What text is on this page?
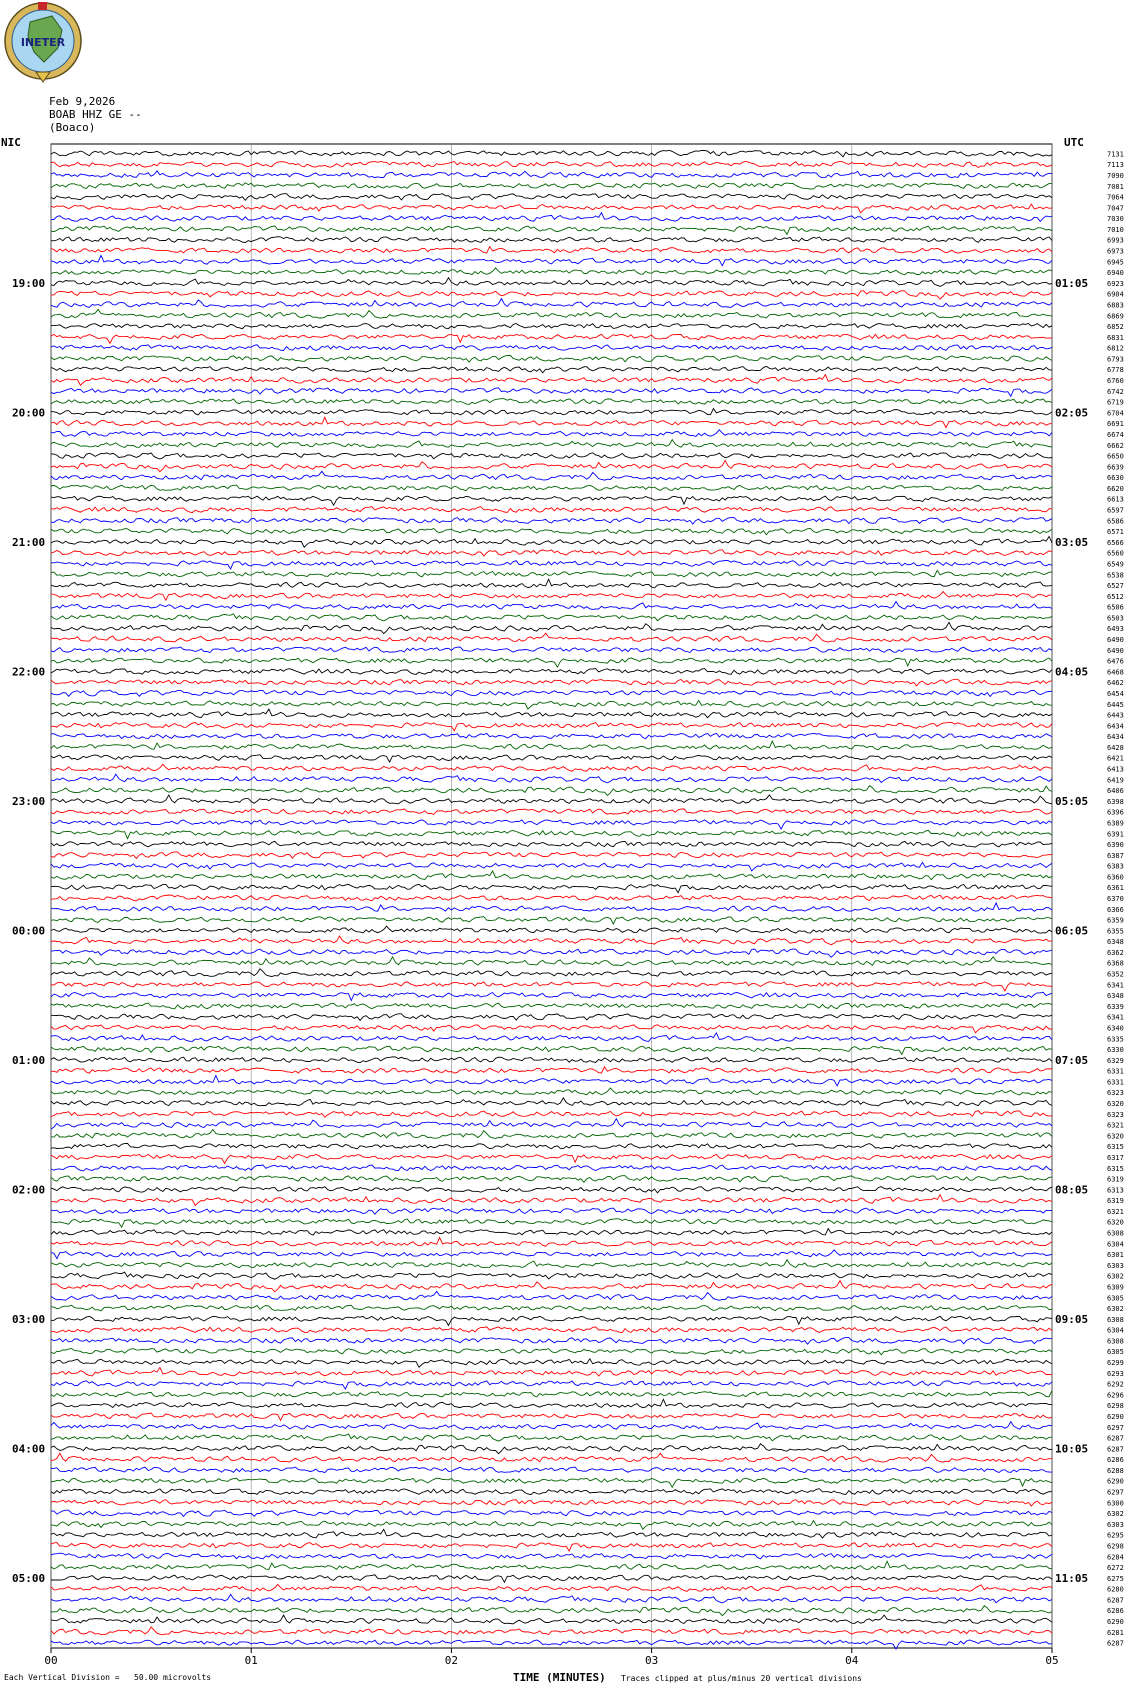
INETER
Feb 9,2026
BOAB HHZ GE --
(Boaco)
NIC	UTC
00	01	02	03	04	05
7131
7113
7090
7081
7064
7047
7030
7010
6993
6973
6945
6940
6923
6904
6883
6869
6852
6831
6812
6793
6778
6760
6742
6719
6704
6691
6674
6662
6650
6639
6630
6620
6613
6597
6586
6571
6566
6560
6549
6538
6527
6512
6506
6503
6493
6490
6490
6476
6468
6462
6454
6445
6443
6434
6434
6428
6421
6413
6419
6406
6398
6396
6389
6391
6390
6387
6383
6360
6361
6370
6366
6359
6355
6348
6362
6368
6352
6341
6348
6339
6341
6340
6335
6330
6329
6331
6331
6323
6320
6323
6321
6320
6315
6317
6315
6319
6313
6319
6321
6320
6308
6304
6301
6303
6302
6309
6305
6302
6308
6304
6308
6305
6299
6293
6292
6296
6298
6290
6297
6287
6287
6286
6288
6290
6297
6300
6302
6303
6295
6298
6284
6272
6275
6280
6287
6286
6290
6281
6287
19:00	01:05
20:00	02:05
21:00	03:05
22:00	04:05
23:00	05:05
00:00	06:05
01:00	07:05
02:00	08:05
03:00	09:05
04:00	10:05
05:00	11:05
Each Vertical Division =   50.00 microvolts	TIME (MINUTES) Traces clipped at plus/minus 20 vertical divisions
